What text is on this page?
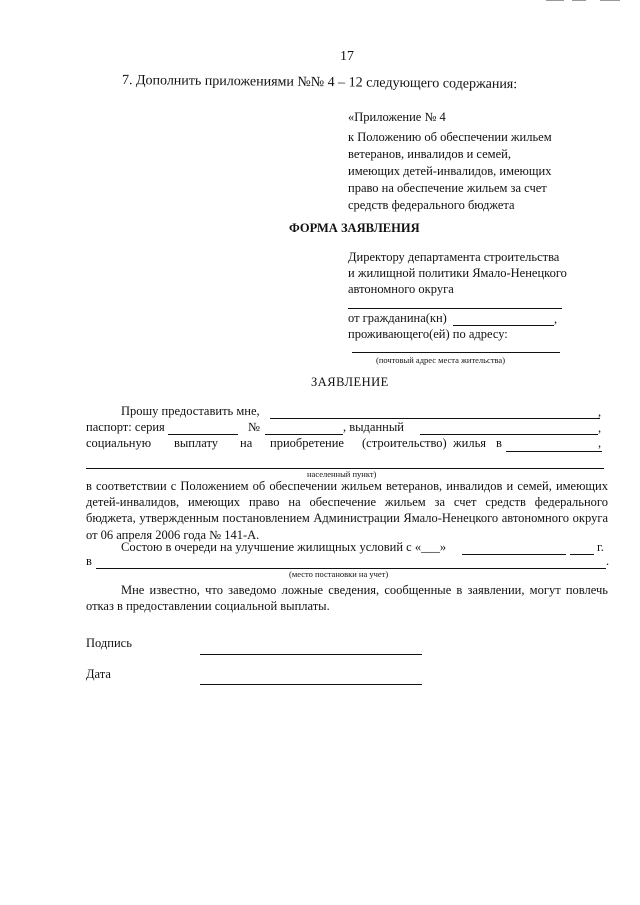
17
7. Дополнить приложениями №№ 4 – 12 следующего содержания:
«Приложение № 4
к Положению об обеспечении жильем
ветеранов, инвалидов и семей,
имеющих детей-инвалидов, имеющих
право на обеспечение жильем за счет
средств федерального бюджета
ФОРМА ЗАЯВЛЕНИЯ
Директору департамента строительства
и жилищной политики Ямало-Ненецкого
автономного округа
от гражданина(кн)	,
проживающего(ей) по адресу:
(почтовый адрес места жительства)
ЗАЯВЛЕНИЕ
Прошу предоставить мне,	,
паспорт: серия	№	, выданный	,
социальную выплату на приобретение (строительство) жилья в	,
населенный пункт)
в соответствии с Положением об обеспечении жильем ветеранов, инвалидов и семей, имеющих детей-инвалидов, имеющих право на обеспечение жильем за счет средств федерального бюджета, утвержденным постановлением Администрации Ямало-Ненецкого автономного округа от 06 апреля 2006 года № 141-А.
Состою в очереди на улучшение жилищных условий с «___»	г.
в	.
(место постановки на учет)
Мне известно, что заведомо ложные сведения, сообщенные в заявлении, могут повлечь отказ в предоставлении социальной выплаты.
Подпись
Дата
